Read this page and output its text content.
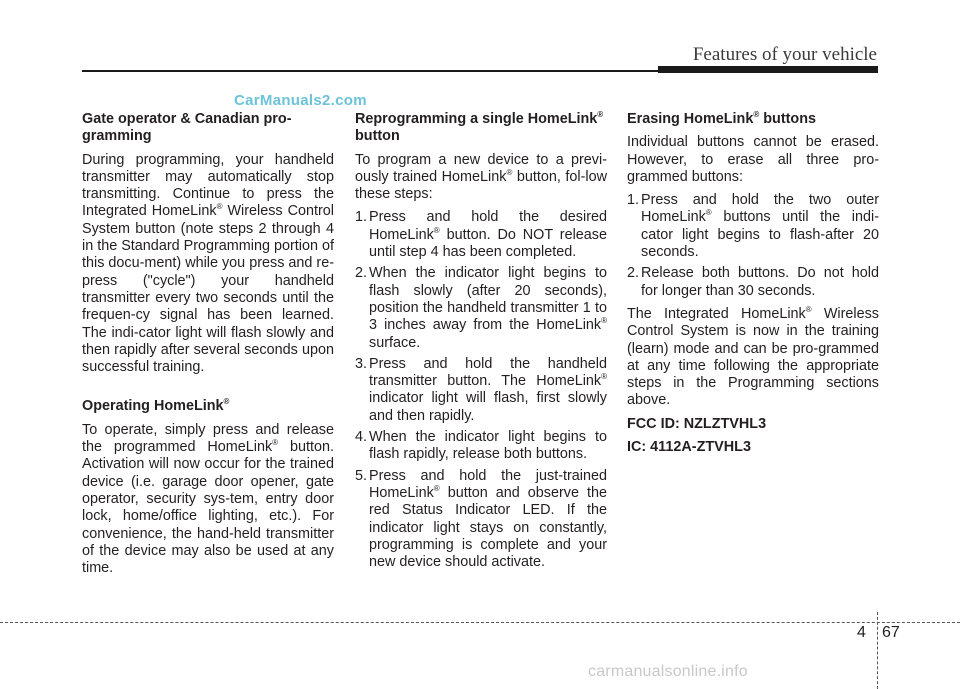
Features of your vehicle
CarManuals2.com
Gate operator & Canadian pro-gramming

During programming, your handheld transmitter may automatically stop transmitting. Continue to press the Integrated HomeLink® Wireless Control System button (note steps 2 through 4 in the Standard Programming portion of this docu-ment) while you press and re-press ("cycle") your handheld transmitter every two seconds until the frequen-cy signal has been learned. The indi-cator light will flash slowly and then rapidly after several seconds upon successful training.

Operating HomeLink®

To operate, simply press and release the programmed HomeLink® button. Activation will now occur for the trained device (i.e. garage door opener, gate operator, security sys-tem, entry door lock, home/office lighting, etc.). For convenience, the hand-held transmitter of the device may also be used at any time.

Reprogramming a single HomeLink® button

To program a new device to a previ-ously trained HomeLink® button, fol-low these steps:

1. Press and hold the desired HomeLink® button. Do NOT release until step 4 has been completed.
2. When the indicator light begins to flash slowly (after 20 seconds), position the handheld transmitter 1 to 3 inches away from the HomeLink® surface.
3. Press and hold the handheld transmitter button. The HomeLink® indicator light will flash, first slowly and then rapidly.
4. When the indicator light begins to flash rapidly, release both buttons.
5. Press and hold the just-trained HomeLink® button and observe the red Status Indicator LED. If the indicator light stays on constantly, programming is complete and your new device should activate.
Erasing HomeLink® buttons

Individual buttons cannot be erased. However, to erase all three pro-grammed buttons:

1. Press and hold the two outer HomeLink® buttons until the indi-cator light begins to flash-after 20 seconds.
2. Release both buttons. Do not hold for longer than 30 seconds.

The Integrated HomeLink® Wireless Control System is now in the training (learn) mode and can be pro-grammed at any time following the appropriate steps in the Programming sections above.

FCC ID: NZLZTVHL3
IC: 4112A-ZTVHL3
4 67
carmanualsonline.info
